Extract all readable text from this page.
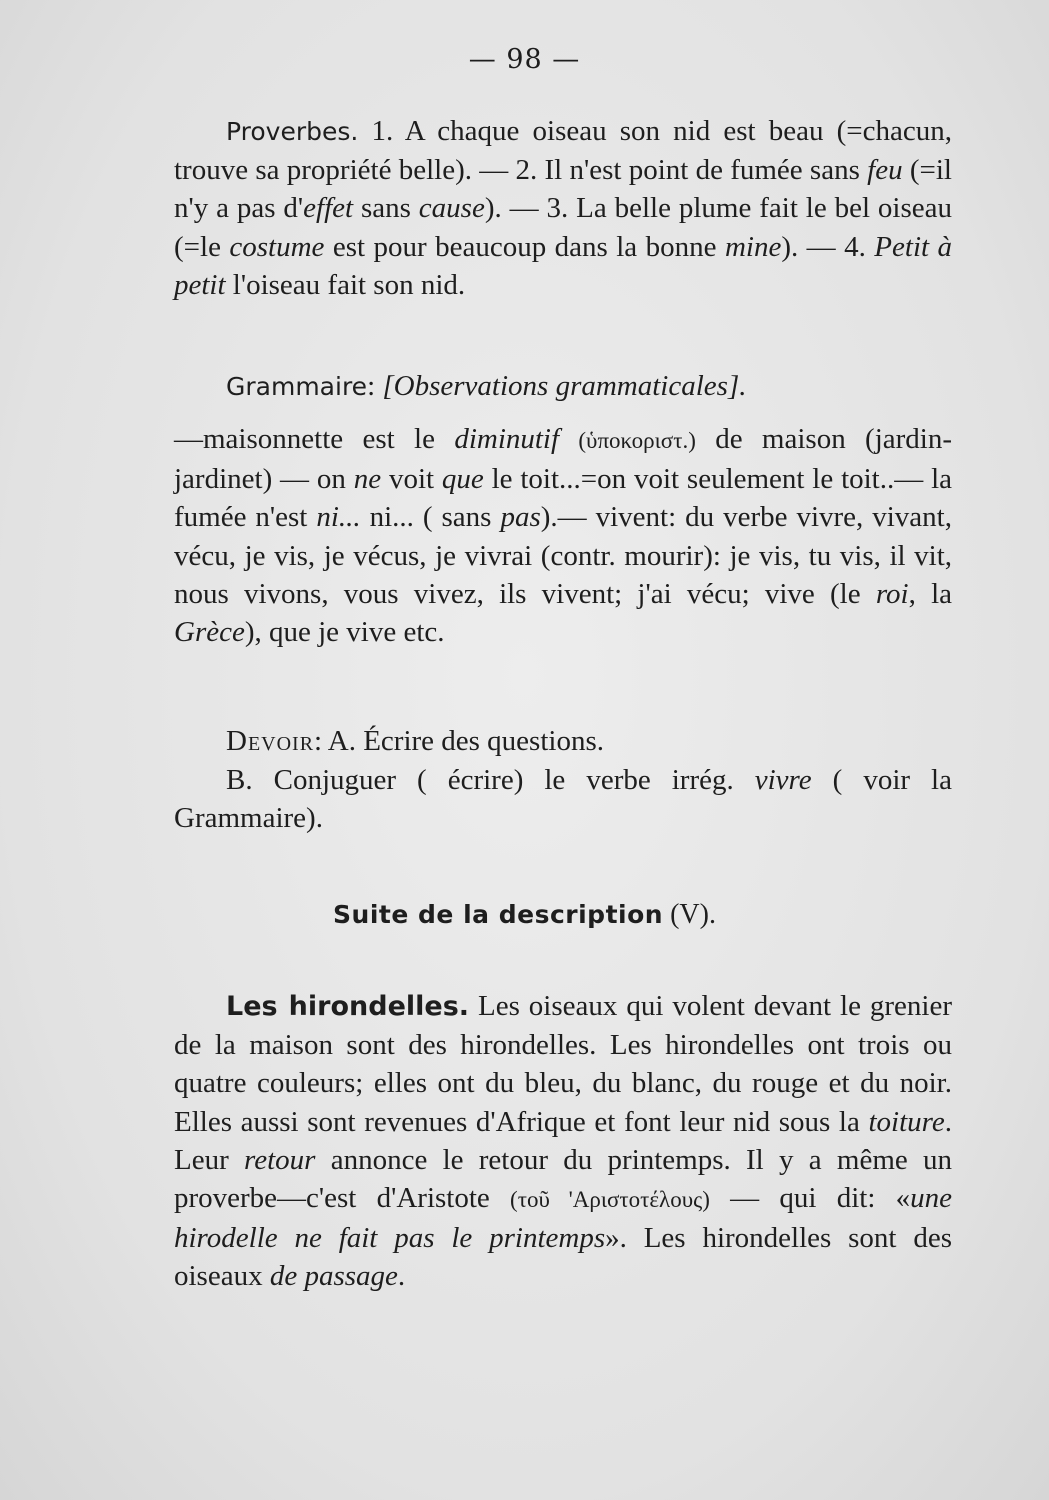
— 98 —

Proverbes. 1. A chaque oiseau son nid est beau (=chacun, trouve sa propriété belle). — 2. Il n'est point de fumée sans feu (=il n'y a pas d'effet sans cause). — 3. La belle plume fait le bel oiseau (=le costume est pour beaucoup dans la bonne mine). — 4. Petit à petit l'oiseau fait son nid.

Grammaire: [Observations grammaticales].

—maisonnette est le diminutif (ὑποκοριστ.) de maison (jardin-jardinet) — on ne voit que le toit...=on voit seulement le toit..— la fumée n'est ni... ni... ( sans pas).— vivent: du verbe vivre, vivant, vécu, je vis, je vécus, je vivrai (contr. mourir): je vis, tu vis, il vit, nous vivons, vous vivez, ils vivent; j'ai vécu; vive (le roi, la Grèce), que je vive etc.

Devoir: A. Écrire des questions.

B. Conjuguer ( écrire) le verbe irrég. vivre ( voir la Grammaire).

Suite de la description (V).

Les hirondelles. Les oiseaux qui volent devant le grenier de la maison sont des hirondelles. Les hirondelles ont trois ou quatre couleurs; elles ont du bleu, du blanc, du rouge et du noir. Elles aussi sont revenues d'Afrique et font leur nid sous la toiture. Leur retour annonce le retour du printemps. Il y a même un proverbe—c'est d'Aristote (τοῦ 'Αριστοτέλους) — qui dit: «une hirodelle ne fait pas le printemps». Les hirondelles sont des oiseaux de passage.
